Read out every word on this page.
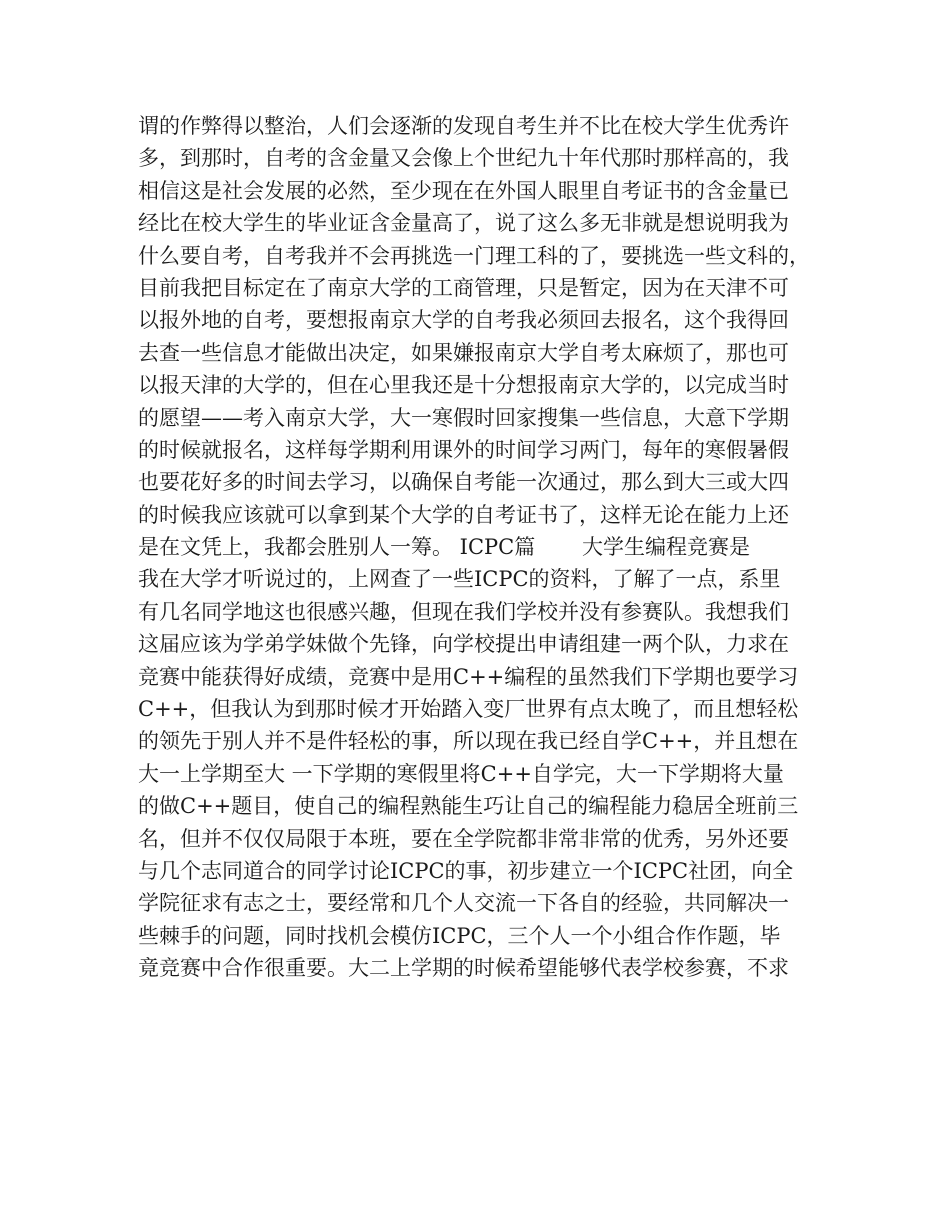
谓的作弊得以整治，人们会逐渐的发现自考生并不比在校大学生优秀许
多，到那时，自考的含金量又会像上个世纪九十年代那时那样高的，我
相信这是社会发展的必然，至少现在在外国人眼里自考证书的含金量已
经比在校大学生的毕业证含金量高了，说了这么多无非就是想说明我为
什么要自考，自考我并不会再挑选一门理工科的了，要挑选一些文科的，
目前我把目标定在了南京大学的工商管理，只是暂定，因为在天津不可
以报外地的自考，要想报南京大学的自考我必须回去报名，这个我得回
去查一些信息才能做出决定，如果嫌报南京大学自考太麻烦了，那也可
以报天津的大学的，但在心里我还是十分想报南京大学的，以完成当时
的愿望——考入南京大学，大一寒假时回家搜集一些信息，大意下学期
的时候就报名，这样每学期利用课外的时间学习两门，每年的寒假暑假
也要花好多的时间去学习，以确保自考能一次通过，那么到大三或大四
的时候我应该就可以拿到某个大学的自考证书了，这样无论在能力上还
是在文凭上，我都会胜别人一筹。 ICPC篇       大学生编程竞赛是
我在大学才听说过的，上网查了一些ICPC的资料，了解了一点，系里
有几名同学地这也很感兴趣，但现在我们学校并没有参赛队。我想我们
这届应该为学弟学妹做个先锋，向学校提出申请组建一两个队，力求在
竞赛中能获得好成绩，竞赛中是用C++编程的虽然我们下学期也要学习
C++，但我认为到那时候才开始踏入变厂世界有点太晚了，而且想轻松
的领先于别人并不是件轻松的事，所以现在我已经自学C++，并且想在
大一上学期至大 一下学期的寒假里将C++自学完，大一下学期将大量
的做C++题目，使自己的编程熟能生巧让自己的编程能力稳居全班前三
名，但并不仅仅局限于本班，要在全学院都非常非常的优秀，另外还要
与几个志同道合的同学讨论ICPC的事，初步建立一个ICPC社团，向全
学院征求有志之士，要经常和几个人交流一下各自的经验，共同解决一
些棘手的问题，同时找机会模仿ICPC，三个人一个小组合作作题，毕
竟竞赛中合作很重要。大二上学期的时候希望能够代表学校参赛，不求
